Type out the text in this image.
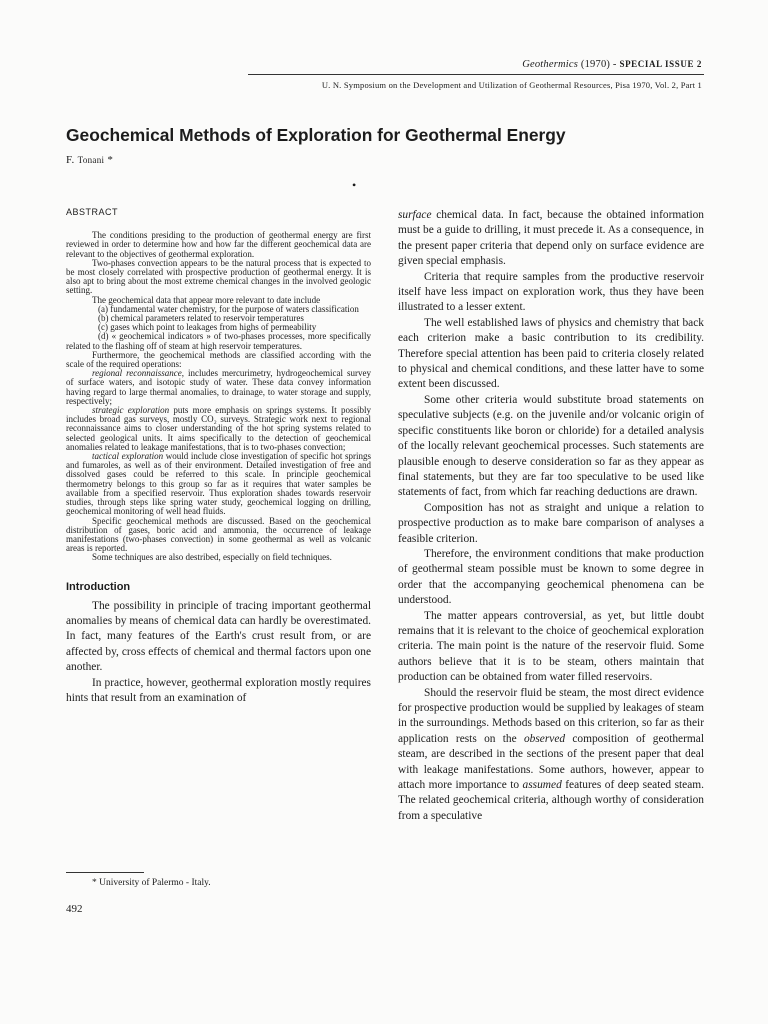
Geothermics (1970) - SPECIAL ISSUE 2
U. N. Symposium on the Development and Utilization of Geothermal Resources, Pisa 1970, Vol. 2, Part 1
Geochemical Methods of Exploration for Geothermal Energy
F. Tonani *
•

ABSTRACT

The conditions presiding to the production of geothermal energy are first reviewed in order to determine how and how far the different geochemical data are relevant to the objectives of geothermal exploration.

Two-phases convection appears to be the natural process that is expected to be most closely correlated with prospective production of geothermal energy. It is also apt to bring about the most extreme chemical changes in the involved geologic setting.

The geochemical data that appear more relevant to date include

(a) fundamental water chemistry, for the purpose of waters classification

(b) chemical parameters related to reservoir temperatures

(c) gases which point to leakages from highs of permeability

(d) « geochemical indicators » of two-phases processes, more specifically related to the flashing off of steam at high reservoir temperatures.

Furthermore, the geochemical methods are classified according with the scale of the required operations:

regional reconnaissance, includes mercurimetry, hydrogeochemical survey of surface waters, and isotopic study of water. These data convey information having regard to large thermal anomalies, to drainage, to water storage and supply, respectively;

strategic exploration puts more emphasis on springs systems. It possibly includes broad gas surveys, mostly CO₂ surveys. Strategic work next to regional reconnaissance aims to closer understanding of the hot spring systems related to selected geological units. It aims specifically to the detection of geochemical anomalies related to leakage manifestations, that is to two-phases convection;

tactical exploration would include close investigation of specific hot springs and fumaroles, as well as of their environment. Detailed investigation of free and dissolved gases could be referred to this scale. In principle geochemical thermometry belongs to this group so far as it requires that water samples be available from a specified reservoir. Thus exploration shades towards reservoir studies, through steps like spring water study, geochemical logging on drilling, geochemical monitoring of well head fluids.

Specific geochemical methods are discussed. Based on the geochemical distribution of gases, boric acid and ammonia, the occurrence of leakage manifestations (two-phases convection) in some geothermal as well as volcanic areas is reported.

Some techniques are also destribed, especially on field techniques.

Introduction

The possibility in principle of tracing important geothermal anomalies by means of chemical data can hardly be overestimated. In fact, many features of the Earth's crust result from, or are affected by, cross effects of chemical and thermal factors upon one another.

In practice, however, geothermal exploration mostly requires hints that result from an examination of

surface chemical data. In fact, because the obtained information must be a guide to drilling, it must precede it. As a consequence, in the present paper criteria that depend only on surface evidence are given special emphasis.

Criteria that require samples from the productive reservoir itself have less impact on exploration work, thus they have been illustrated to a lesser extent.

The well established laws of physics and chemistry that back each criterion make a basic contribution to its credibility. Therefore special attention has been paid to criteria closely related to physical and chemical conditions, and these latter have to some extent been discussed.

Some other criteria would substitute broad statements on speculative subjects (e.g. on the juvenile and/or volcanic origin of specific constituents like boron or chloride) for a detailed analysis of the locally relevant geochemical processes. Such statements are plausible enough to deserve consideration so far as they appear as final statements, but they are far too speculative to be used like statements of fact, from which far reaching deductions are drawn.

Composition has not as straight and unique a relation to prospective production as to make bare comparison of analyses a feasible criterion.

Therefore, the environment conditions that make production of geothermal steam possible must be known to some degree in order that the accompanying geochemical phenomena can be understood.

The matter appears controversial, as yet, but little doubt remains that it is relevant to the choice of geochemical exploration criteria. The main point is the nature of the reservoir fluid. Some authors believe that it is to be steam, others maintain that production can be obtained from water filled reservoirs.

Should the reservoir fluid be steam, the most direct evidence for prospective production would be supplied by leakages of steam in the surroundings. Methods based on this criterion, so far as their application rests on the observed composition of geothermal steam, are described in the sections of the present paper that deal with leakage manifestations. Some authors, however, appear to attach more importance to assumed features of deep seated steam. The related geochemical criteria, although worthy of consideration from a speculative

* University of Palermo - Italy.
492
